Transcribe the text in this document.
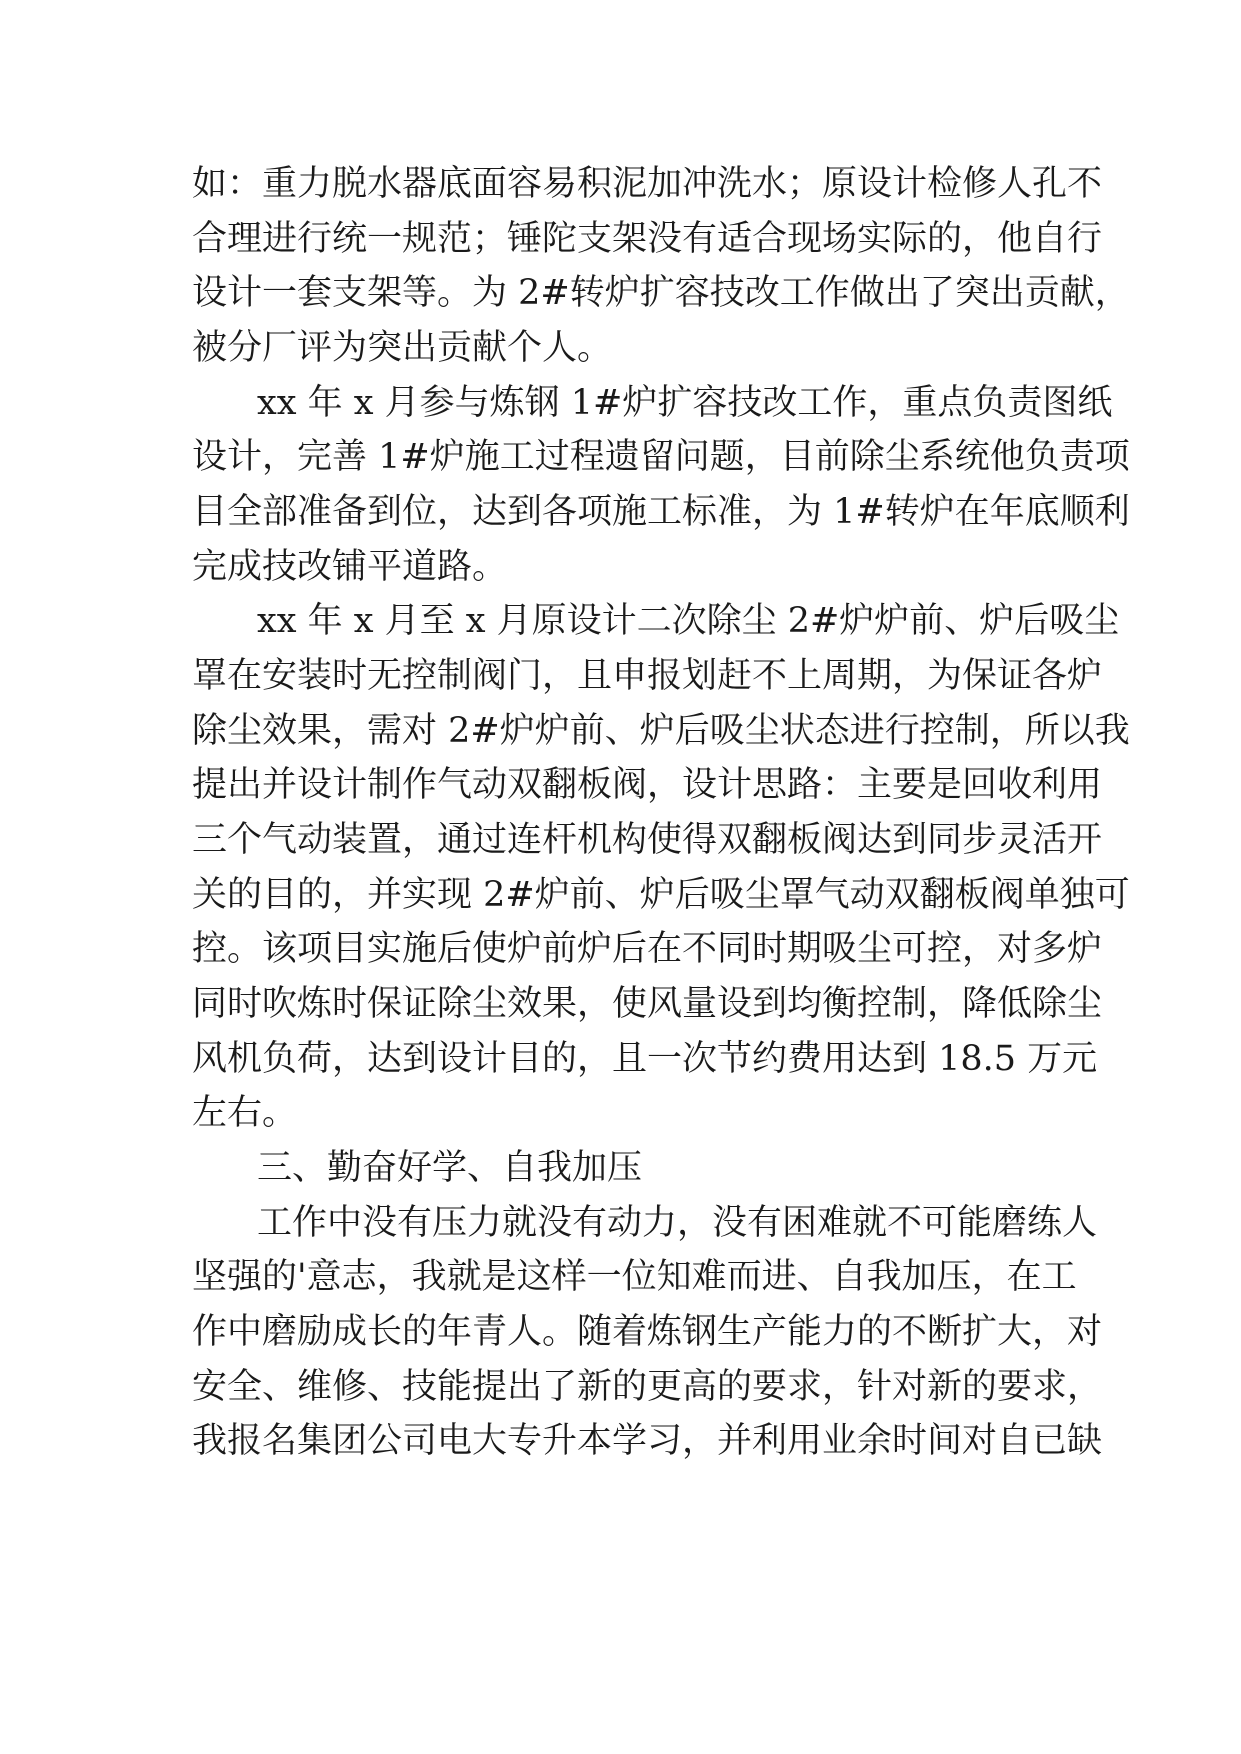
如：重力脱水器底面容易积泥加冲洗水；原设计检修人孔不
合理进行统一规范；锤陀支架没有适合现场实际的，他自行
设计一套支架等。为 2#转炉扩容技改工作做出了突出贡献，
被分厂评为突出贡献个人。
xx 年 x 月参与炼钢 1#炉扩容技改工作，重点负责图纸
设计，完善 1#炉施工过程遗留问题，目前除尘系统他负责项
目全部准备到位，达到各项施工标准，为 1#转炉在年底顺利
完成技改铺平道路。
xx 年 x 月至 x 月原设计二次除尘 2#炉炉前、炉后吸尘
罩在安装时无控制阀门，且申报划赶不上周期，为保证各炉
除尘效果，需对 2#炉炉前、炉后吸尘状态进行控制，所以我
提出并设计制作气动双翻板阀，设计思路：主要是回收利用
三个气动装置，通过连杆机构使得双翻板阀达到同步灵活开
关的目的，并实现 2#炉前、炉后吸尘罩气动双翻板阀单独可
控。该项目实施后使炉前炉后在不同时期吸尘可控，对多炉
同时吹炼时保证除尘效果，使风量设到均衡控制，降低除尘
风机负荷，达到设计目的，且一次节约费用达到 18.5 万元
左右。
三、勤奋好学、自我加压
工作中没有压力就没有动力，没有困难就不可能磨练人
坚强的'意志，我就是这样一位知难而进、自我加压，在工
作中磨励成长的年青人。随着炼钢生产能力的不断扩大，对
安全、维修、技能提出了新的更高的要求，针对新的要求，
我报名集团公司电大专升本学习，并利用业余时间对自已缺
